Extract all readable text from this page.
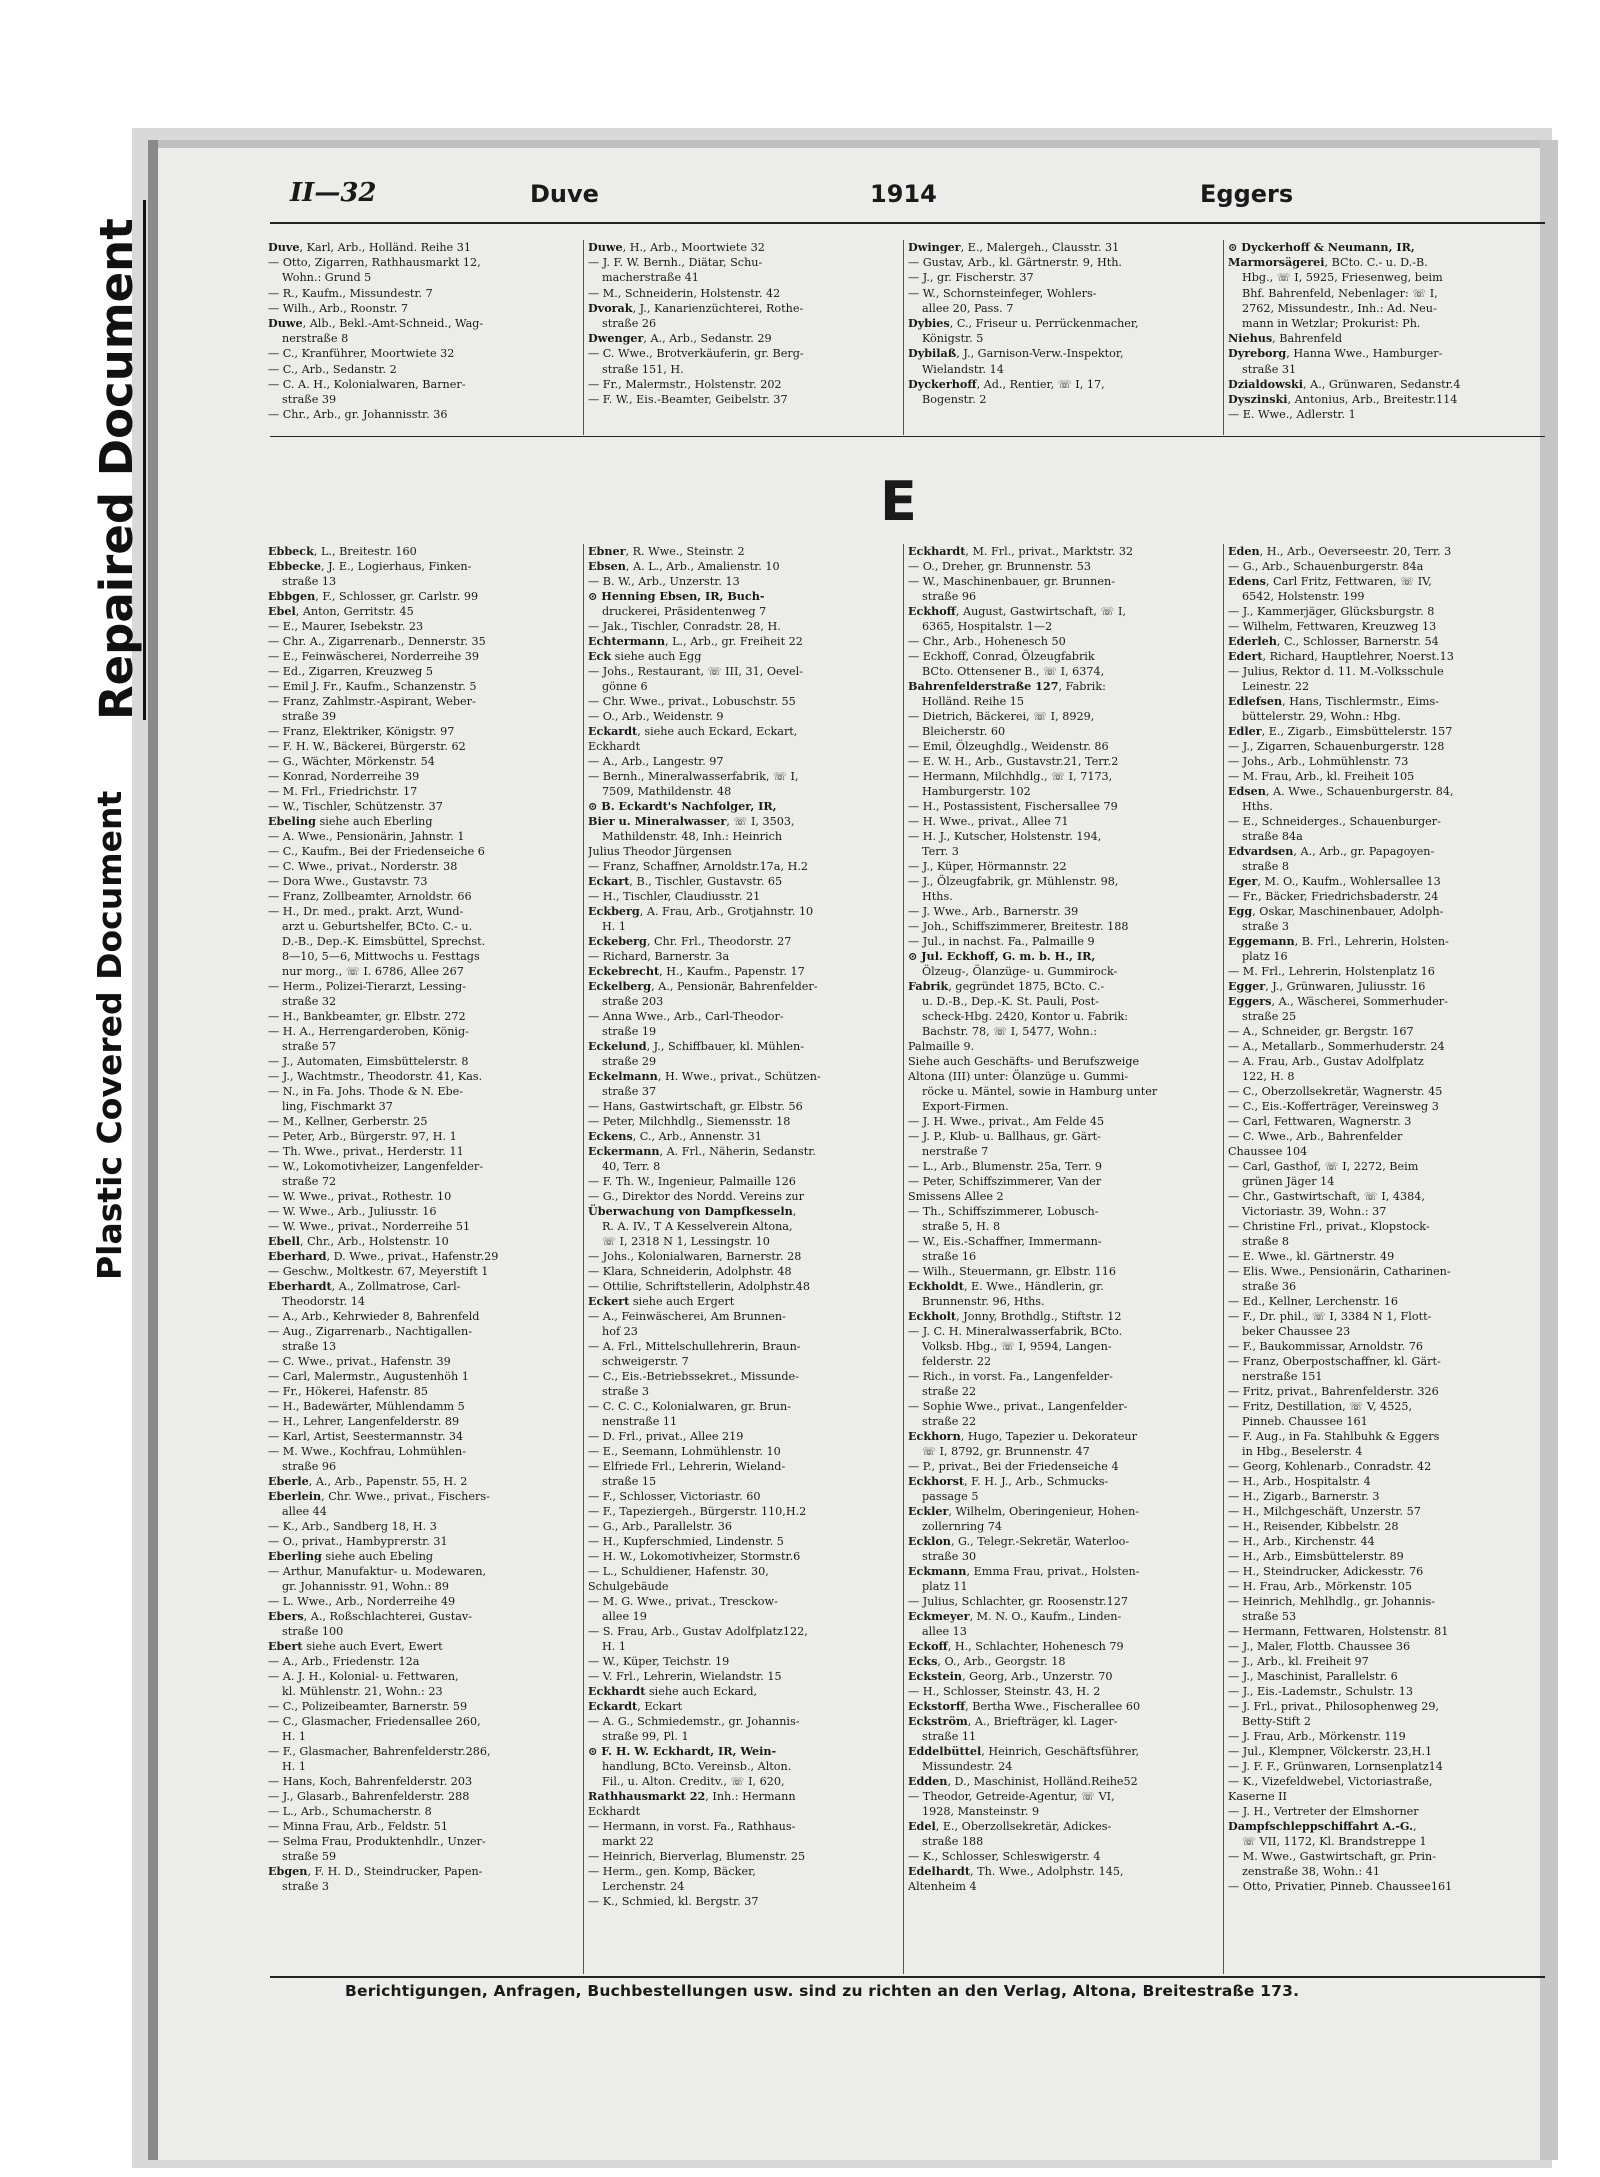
Repaired Document
Plastic Covered Document
II—32	Duve	1914	Eggers
Duve, Karl, Arb., Holländ. Reihe 31
— Otto, Zigarren, Rathhausmarkt 12,
Wohn.: Grund 5
— R., Kaufm., Missundestr. 7
— Wilh., Arb., Roonstr. 7
Duwe, Alb., Bekl.-Amt-Schneid., Wag-
nerstraße 8
— C., Kranführer, Moortwiete 32
— C., Arb., Sedanstr. 2
— C. A. H., Kolonialwaren, Barner-
straße 39
— Chr., Arb., gr. Johannisstr. 36
Duwe, H., Arb., Moortwiete 32
— J. F. W. Bernh., Diätar, Schu-
macherstraße 41
— M., Schneiderin, Holstenstr. 42
Dvorak, J., Kanarienzüchterei, Rothe-
straße 26
Dwenger, A., Arb., Sedanstr. 29
— C. Wwe., Brotverkäuferin, gr. Berg-
straße 151, H.
— Fr., Malermstr., Holstenstr. 202
— F. W., Eis.-Beamter, Geibelstr. 37
Dwinger, E., Malergeh., Clausstr. 31
— Gustav, Arb., kl. Gärtnerstr. 9, Hth.
— J., gr. Fischerstr. 37
— W., Schornsteinfeger, Wohlers-
allee 20, Pass. 7
Dybies, C., Friseur u. Perrückenmacher,
Königstr. 5
Dybilaß, J., Garnison-Verw.-Inspektor,
Wielandstr. 14
Dyckerhoff, Ad., Rentier, ☏ I, 17,
Bogenstr. 2
⊙ Dyckerhoff & Neumann, IR,
Marmorsägerei, BCto. C.- u. D.-B.
Hbg., ☏ I, 5925, Friesenweg, beim
Bhf. Bahrenfeld, Nebenlager: ☏ I,
2762, Missundestr., Inh.: Ad. Neu-
mann in Wetzlar; Prokurist: Ph.
Niehus, Bahrenfeld
Dyreborg, Hanna Wwe., Hamburger-
straße 31
Dzialdowski, A., Grünwaren, Sedanstr.4
Dyszinski, Antonius, Arb., Breitestr.114
— E. Wwe., Adlerstr. 1
E
Ebbeck, L., Breitestr. 160
Ebbecke, J. E., Logierhaus, Finken-
straße 13
Ebbgen, F., Schlosser, gr. Carlstr. 99
Ebel, Anton, Gerritstr. 45
— E., Maurer, Isebekstr. 23
— Chr. A., Zigarrenarb., Dennerstr. 35
— E., Feinwäscherei, Norderreihe 39
— Ed., Zigarren, Kreuzweg 5
— Emil J. Fr., Kaufm., Schanzenstr. 5
— Franz, Zahlmstr.-Aspirant, Weber-
straße 39
— Franz, Elektriker, Königstr. 97
— F. H. W., Bäckerei, Bürgerstr. 62
— G., Wächter, Mörkenstr. 54
— Konrad, Norderreihe 39
— M. Frl., Friedrichstr. 17
— W., Tischler, Schützenstr. 37
Ebeling siehe auch Eberling
— A. Wwe., Pensionärin, Jahnstr. 1
— C., Kaufm., Bei der Friedenseiche 6
— C. Wwe., privat., Norderstr. 38
— Dora Wwe., Gustavstr. 73
— Franz, Zollbeamter, Arnoldstr. 66
— H., Dr. med., prakt. Arzt, Wund-
arzt u. Geburtshelfer, BCto. C.- u.
D.-B., Dep.-K. Eimsbüttel, Sprechst.
8—10, 5—6, Mittwochs u. Festtags
nur morg., ☏ I. 6786, Allee 267
— Herm., Polizei-Tierarzt, Lessing-
straße 32
— H., Bankbeamter, gr. Elbstr. 272
— H. A., Herrengarderoben, König-
straße 57
— J., Automaten, Eimsbüttelerstr. 8
— J., Wachtmstr., Theodorstr. 41, Kas.
— N., in Fa. Johs. Thode & N. Ebe-
ling, Fischmarkt 37
— M., Kellner, Gerberstr. 25
— Peter, Arb., Bürgerstr. 97, H. 1
— Th. Wwe., privat., Herderstr. 11
— W., Lokomotivheizer, Langenfelder-
straße 72
— W. Wwe., privat., Rothestr. 10
— W. Wwe., Arb., Juliusstr. 16
— W. Wwe., privat., Norderreihe 51
Ebell, Chr., Arb., Holstenstr. 10
Eberhard, D. Wwe., privat., Hafenstr.29
— Geschw., Moltkestr. 67, Meyerstift 1
Eberhardt, A., Zollmatrose, Carl-
Theodorstr. 14
— A., Arb., Kehrwieder 8, Bahrenfeld
— Aug., Zigarrenarb., Nachtigallen-
straße 13
— C. Wwe., privat., Hafenstr. 39
— Carl, Malermstr., Augustenhöh 1
— Fr., Hökerei, Hafenstr. 85
— H., Badewärter, Mühlendamm 5
— H., Lehrer, Langenfelderstr. 89
— Karl, Artist, Seestermannstr. 34
— M. Wwe., Kochfrau, Lohmühlen-
straße 96
Eberle, A., Arb., Papenstr. 55, H. 2
Eberlein, Chr. Wwe., privat., Fischers-
allee 44
— K., Arb., Sandberg 18, H. 3
— O., privat., Hambургerstr. 31
Eberling siehe auch Ebeling
— Arthur, Manufaktur- u. Modewaren,
gr. Johannisstr. 91, Wohn.: 89
— L. Wwe., Arb., Norderreihe 49
Ebers, A., Roßschlachterei, Gustav-
straße 100
Ebert siehe auch Evert, Ewert
— A., Arb., Friedenstr. 12a
— A. J. H., Kolonial- u. Fettwaren,
kl. Mühlenstr. 21, Wohn.: 23
— C., Polizeibeamter, Barnerstr. 59
— C., Glasmacher, Friedensallee 260,
H. 1
— F., Glasmacher, Bahrenfelderstr.286,
H. 1
— Hans, Koch, Bahrenfelderstr. 203
— J., Glasarb., Bahrenfelderstr. 288
— L., Arb., Schumacherstr. 8
— Minna Frau, Arb., Feldstr. 51
— Selma Frau, Produktenhdlr., Unzer-
straße 59
Ebgen, F. H. D., Steindrucker, Papen-
straße 3
Ebner, R. Wwe., Steinstr. 2
Ebsen, A. L., Arb., Amalienstr. 10
— B. W., Arb., Unzerstr. 13
⊙ Henning Ebsen, IR, Buch-
druckerei, Präsidentenweg 7
— Jak., Tischler, Conradstr. 28, H.
Echtermann, L., Arb., gr. Freiheit 22
Eck siehe auch Egg
— Johs., Restaurant, ☏ III, 31, Oevel-
gönne 6
— Chr. Wwe., privat., Lobuschstr. 55
— O., Arb., Weidenstr. 9
Eckardt, siehe auch Eckard, Eckart,
Eckhardt
— A., Arb., Langestr. 97
— Bernh., Mineralwasserfabrik, ☏ I,
7509, Mathildenstr. 48
⊙ B. Eckardt's Nachfolger, IR,
Bier u. Mineralwasser, ☏ I, 3503,
Mathildenstr. 48, Inh.: Heinrich
Julius Theodor Jürgensen
— Franz, Schaffner, Arnoldstr.17a, H.2
Eckart, B., Tischler, Gustavstr. 65
— H., Tischler, Claudiusstr. 21
Eckberg, A. Frau, Arb., Grotjahnstr. 10
H. 1
Eckeberg, Chr. Frl., Theodorstr. 27
— Richard, Barnerstr. 3a
Eckebrecht, H., Kaufm., Papenstr. 17
Eckelberg, A., Pensionär, Bahrenfelder-
straße 203
— Anna Wwe., Arb., Carl-Theodor-
straße 19
Eckelund, J., Schiffbauer, kl. Mühlen-
straße 29
Eckelmann, H. Wwe., privat., Schützen-
straße 37
— Hans, Gastwirtschaft, gr. Elbstr. 56
— Peter, Milchhdlg., Siemensstr. 18
Eckens, C., Arb., Annenstr. 31
Eckermann, A. Frl., Näherin, Sedanstr.
40, Terr. 8
— F. Th. W., Ingenieur, Palmaille 126
— G., Direktor des Nordd. Vereins zur
Überwachung von Dampfkesseln,
R. A. IV., T A Kesselverein Altona,
☏ I, 2318 N 1, Lessingstr. 10
— Johs., Kolonialwaren, Barnerstr. 28
— Klara, Schneiderin, Adolphstr. 48
— Ottilie, Schriftstellerin, Adolphstr.48
Eckert siehe auch Ergert
— A., Feinwäscherei, Am Brunnen-
hof 23
— A. Frl., Mittelschullehrerin, Braun-
schweigerstr. 7
— C., Eis.-Betriebssekret., Missunde-
straße 3
— C. C. C., Kolonialwaren, gr. Brun-
nenstraße 11
— D. Frl., privat., Allee 219
— E., Seemann, Lohmühlenstr. 10
— Elfriede Frl., Lehrerin, Wieland-
straße 15
— F., Schlosser, Victoriastr. 60
— F., Tapeziergeh., Bürgerstr. 110,H.2
— G., Arb., Parallelstr. 36
— H., Kupferschmied, Lindenstr. 5
— H. W., Lokomotivheizer, Stormstr.6
— L., Schuldiener, Hafenstr. 30,
Schulgebäude
— M. G. Wwe., privat., Tresckow-
allee 19
— S. Frau, Arb., Gustav Adolfplatz122,
H. 1
— W., Küper, Teichstr. 19
— V. Frl., Lehrerin, Wielandstr. 15
Eckhardt siehe auch Eckard,
Eckardt, Eckart
— A. G., Schmiedemstr., gr. Johannis-
straße 99, Pl. 1
⊙ F. H. W. Eckhardt, IR, Wein-
handlung, BCto. Vereinsb., Alton.
Fil., u. Alton. Creditv., ☏ I, 620,
Rathhausmarkt 22, Inh.: Hermann
Eckhardt
— Hermann, in vorst. Fa., Rathhaus-
markt 22
— Heinrich, Bierverlag, Blumenstr. 25
— Herm., gen. Komp, Bäcker,
Lerchenstr. 24
— K., Schmied, kl. Bergstr. 37
Eckhardt, M. Frl., privat., Marktstr. 32
— O., Dreher, gr. Brunnenstr. 53
— W., Maschinenbauer, gr. Brunnen-
straße 96
Eckhoff, August, Gastwirtschaft, ☏ I,
6365, Hospitalstr. 1—2
— Chr., Arb., Hohenesch 50
— Eckhoff, Conrad, Ölzeugfabrik
BCto. Ottensener B., ☏ I, 6374,
Bahrenfelderstraße 127, Fabrik:
Holländ. Reihe 15
— Dietrich, Bäckerei, ☏ I, 8929,
Bleicherstr. 60
— Emil, Ölzeughdlg., Weidenstr. 86
— E. W. H., Arb., Gustavstr.21, Terr.2
— Hermann, Milchhdlg., ☏ I, 7173,
Hamburgerstr. 102
— H., Postassistent, Fischersallee 79
— H. Wwe., privat., Allee 71
— H. J., Kutscher, Holstenstr. 194,
Terr. 3
— J., Küper, Hörmannstr. 22
— J., Ölzeugfabrik, gr. Mühlenstr. 98,
Hths.
— J. Wwe., Arb., Barnerstr. 39
— Joh., Schiffszimmerer, Breitestr. 188
— Jul., in nachst. Fa., Palmaille 9
⊙ Jul. Eckhoff, G. m. b. H., IR,
Ölzeug-, Ölanzüge- u. Gummirock-
Fabrik, gegründet 1875, BCto. C.-
u. D.-B., Dep.-K. St. Pauli, Post-
scheck-Hbg. 2420, Kontor u. Fabrik:
Bachstr. 78, ☏ I, 5477, Wohn.:
Palmaille 9.
Siehe auch Geschäfts- und Berufszweige
Altona (III) unter: Ölanzüge u. Gummi-
röcke u. Mäntel, sowie in Hamburg unter
Export-Firmen.
— J. H. Wwe., privat., Am Felde 45
— J. P., Klub- u. Ballhaus, gr. Gärt-
nerstraße 7
— L., Arb., Blumenstr. 25a, Terr. 9
— Peter, Schiffszimmerer, Van der
Smissens Allee 2
— Th., Schiffszimmerer, Lobusch-
straße 5, H. 8
— W., Eis.-Schaffner, Immermann-
straße 16
— Wilh., Steuermann, gr. Elbstr. 116
Eckholdt, E. Wwe., Händlerin, gr.
Brunnenstr. 96, Hths.
Eckholt, Jonny, Brothdlg., Stiftstr. 12
— J. C. H. Mineralwasserfabrik, BCto.
Volksb. Hbg., ☏ I, 9594, Langen-
felderstr. 22
— Rich., in vorst. Fa., Langenfelder-
straße 22
— Sophie Wwe., privat., Langenfelder-
straße 22
Eckhorn, Hugo, Tapezier u. Dekorateur
☏ I, 8792, gr. Brunnenstr. 47
— P., privat., Bei der Friedenseiche 4
Eckhorst, F. H. J., Arb., Schmucks-
passage 5
Eckler, Wilhelm, Oberingenieur, Hohen-
zollernring 74
Ecklon, G., Telegr.-Sekretär, Waterloo-
straße 30
Eckmann, Emma Frau, privat., Holsten-
platz 11
— Julius, Schlachter, gr. Roosenstr.127
Eckmeyer, M. N. O., Kaufm., Linden-
allee 13
Eckoff, H., Schlachter, Hohenesch 79
Ecks, O., Arb., Georgstr. 18
Eckstein, Georg, Arb., Unzerstr. 70
— H., Schlosser, Steinstr. 43, H. 2
Eckstorff, Bertha Wwe., Fischerallee 60
Eckström, A., Briefträger, kl. Lager-
straße 11
Eddelbüttel, Heinrich, Geschäftsführer,
Missundestr. 24
Edden, D., Maschinist, Holländ.Reihe52
— Theodor, Getreide-Agentur, ☏ VI,
1928, Mansteinstr. 9
Edel, E., Oberzollsekretär, Adickes-
straße 188
— K., Schlosser, Schleswigerstr. 4
Edelhardt, Th. Wwe., Adolphstr. 145,
Altenheim 4
Eden, H., Arb., Oeverseestr. 20, Terr. 3
— G., Arb., Schauenburgerstr. 84a
Edens, Carl Fritz, Fettwaren, ☏ IV,
6542, Holstenstr. 199
— J., Kammerjäger, Glücksburgstr. 8
— Wilhelm, Fettwaren, Kreuzweg 13
Ederleh, C., Schlosser, Barnerstr. 54
Edert, Richard, Hauptlehrer, Noerst.13
— Julius, Rektor d. 11. M.-Volksschule
Leinestr. 22
Edlefsen, Hans, Tischlermstr., Eims-
büttelerstr. 29, Wohn.: Hbg.
Edler, E., Zigarb., Eimsbüttelerstr. 157
— J., Zigarren, Schauenburgerstr. 128
— Johs., Arb., Lohmühlenstr. 73
— M. Frau, Arb., kl. Freiheit 105
Edsen, A. Wwe., Schauenburgerstr. 84,
Hths.
— E., Schneiderges., Schauenburger-
straße 84a
Edvardsen, A., Arb., gr. Papagoyen-
straße 8
Eger, M. O., Kaufm., Wohlersallee 13
— Fr., Bäcker, Friedrichsbaderstr. 24
Egg, Oskar, Maschinenbauer, Adolph-
straße 3
Eggemann, B. Frl., Lehrerin, Holsten-
platz 16
— M. Frl., Lehrerin, Holstenplatz 16
Egger, J., Grünwaren, Juliusstr. 16
Eggers, A., Wäscherei, Sommerhuder-
straße 25
— A., Schneider, gr. Bergstr. 167
— A., Metallarb., Sommerhuderstr. 24
— A. Frau, Arb., Gustav Adolfplatz
122, H. 8
— C., Oberzollsekretär, Wagnerstr. 45
— C., Eis.-Kofferträger, Vereinsweg 3
— Carl, Fettwaren, Wagnerstr. 3
— C. Wwe., Arb., Bahrenfelder
Chaussee 104
— Carl, Gasthof, ☏ I, 2272, Beim
grünen Jäger 14
— Chr., Gastwirtschaft, ☏ I, 4384,
Victoriastr. 39, Wohn.: 37
— Christine Frl., privat., Klopstock-
straße 8
— E. Wwe., kl. Gärtnerstr. 49
— Elis. Wwe., Pensionärin, Catharinen-
straße 36
— Ed., Kellner, Lerchenstr. 16
— F., Dr. phil., ☏ I, 3384 N 1, Flott-
beker Chaussee 23
— F., Baukommissar, Arnoldstr. 76
— Franz, Oberpostschaffner, kl. Gärt-
nerstraße 151
— Fritz, privat., Bahrenfelderstr. 326
— Fritz, Destillation, ☏ V, 4525,
Pinneb. Chaussee 161
— F. Aug., in Fa. Stahlbuhk & Eggers
in Hbg., Beselerstr. 4
— Georg, Kohlenarb., Conradstr. 42
— H., Arb., Hospitalstr. 4
— H., Zigarb., Barnerstr. 3
— H., Milchgeschäft, Unzerstr. 57
— H., Reisender, Kibbelstr. 28
— H., Arb., Kirchenstr. 44
— H., Arb., Eimsbüttelerstr. 89
— H., Steindrucker, Adickesstr. 76
— H. Frau, Arb., Mörkenstr. 105
— Heinrich, Mehlhdlg., gr. Johannis-
straße 53
— Hermann, Fettwaren, Holstenstr. 81
— J., Maler, Flottb. Chaussee 36
— J., Arb., kl. Freiheit 97
— J., Maschinist, Parallelstr. 6
— J., Eis.-Lademstr., Schulstr. 13
— J. Frl., privat., Philosophenweg 29,
Betty-Stift 2
— J. Frau, Arb., Mörkenstr. 119
— Jul., Klempner, Völckerstr. 23,H.1
— J. F. F., Grünwaren, Lornsenplatz14
— K., Vizefeldwebel, Victoriastraße,
Kaserne II
— J. H., Vertreter der Elmshorner
Dampfschleppschiffahrt A.-G.,
☏ VII, 1172, Kl. Brandstreppe 1
— M. Wwe., Gastwirtschaft, gr. Prin-
zenstraße 38, Wohn.: 41
— Otto, Privatier, Pinneb. Chaussee161
Berichtigungen, Anfragen, Buchbestellungen usw. sind zu richten an den Verlag, Altona, Breitestraße 173.
